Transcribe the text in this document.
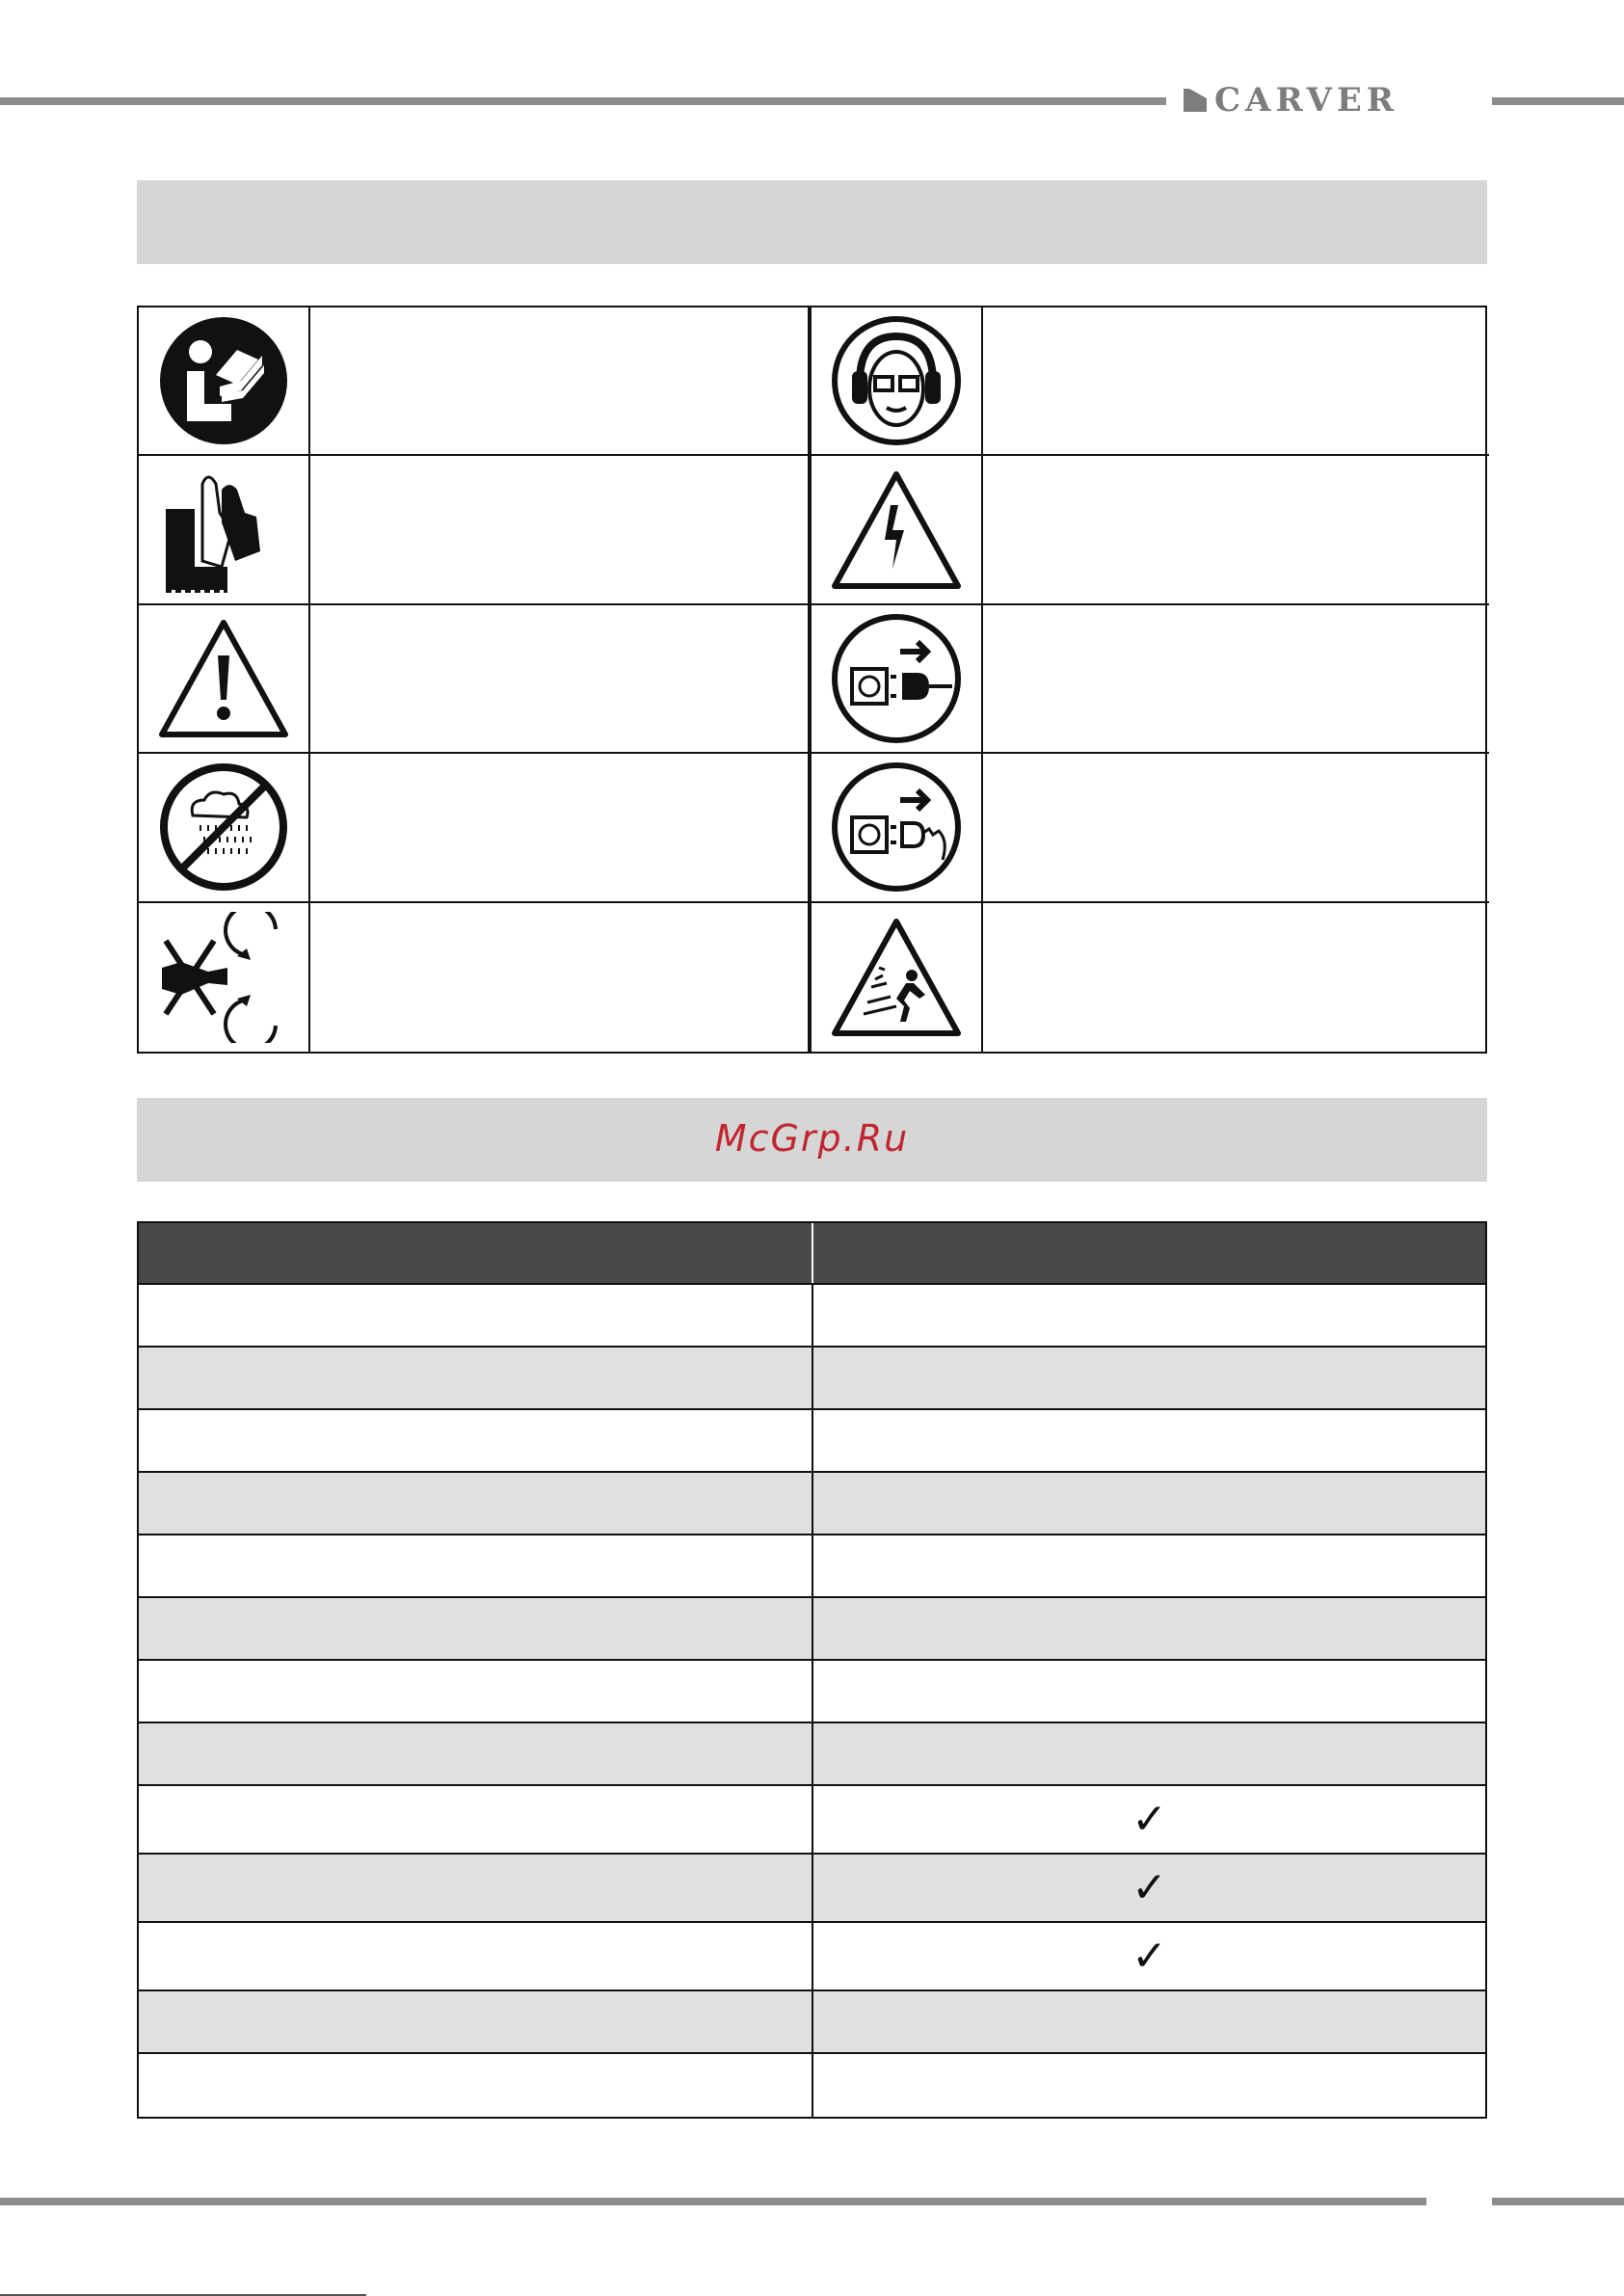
CARVER
McGrp.Ru
✓
✓
✓
